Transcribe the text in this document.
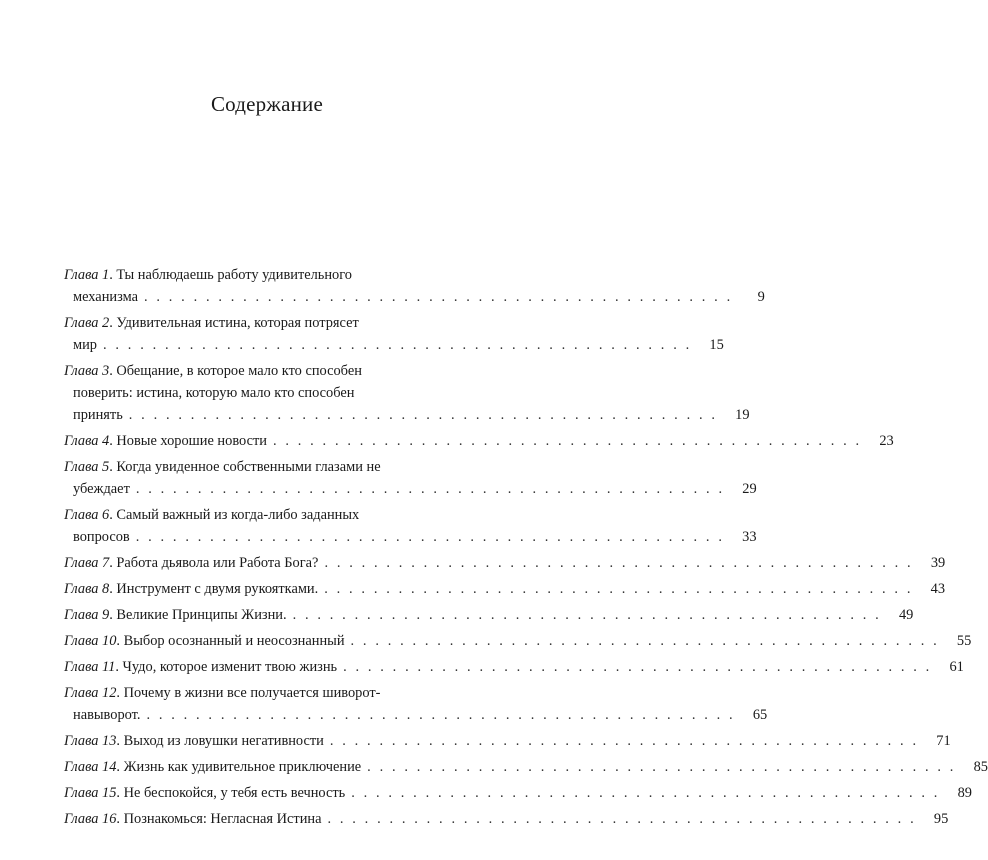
Содержание
Глава 1. Ты наблюдаешь работу удивительного
механизма . . . . . . . . . . . . . . . . . . . . . . . . . . . . . . . . . . . . . . . . . . . . . . . .	9
Глава 2. Удивительная истина, которая потрясет
мир . . . . . . . . . . . . . . . . . . . . . . . . . . . . . . . . . . . . . . . . . . . . . . . .	15
Глава 3. Обещание, в которое мало кто способен
поверить: истина, которую мало кто способен
принять . . . . . . . . . . . . . . . . . . . . . . . . . . . . . . . . . . . . . . . . . . . . . . . .	19
Глава 4. Новые хорошие новости . . . . . . . . . . . . . . . . . . . . . . . . . . . . . . . . . . . . . . . . . . . . . . . .	23
Глава 5. Когда увиденное собственными глазами не
убеждает . . . . . . . . . . . . . . . . . . . . . . . . . . . . . . . . . . . . . . . . . . . . . . . .	29
Глава 6. Самый важный из когда-либо заданных
вопросов . . . . . . . . . . . . . . . . . . . . . . . . . . . . . . . . . . . . . . . . . . . . . . . .	33
Глава 7. Работа дьявола или Работа Бога? . . . . . . . . . . . . . . . . . . . . . . . . . . . . . . . . . . . . . . . . . . . . . . . .	39
Глава 8. Инструмент с двумя рукоятками. . . . . . . . . . . . . . . . . . . . . . . . . . . . . . . . . . . . . . . . . . . . . . . . .	43
Глава 9. Великие Принципы Жизни. . . . . . . . . . . . . . . . . . . . . . . . . . . . . . . . . . . . . . . . . . . . . . . . .	49
Глава 10. Выбор осознанный и неосознанный . . . . . . . . . . . . . . . . . . . . . . . . . . . . . . . . . . . . . . . . . . . . . . . .	55
Глава 11. Чудо, которое изменит твою жизнь . . . . . . . . . . . . . . . . . . . . . . . . . . . . . . . . . . . . . . . . . . . . . . . .	61
Глава 12. Почему в жизни все получается шиворот-
навыворот. . . . . . . . . . . . . . . . . . . . . . . . . . . . . . . . . . . . . . . . . . . . . . . . .	65
Глава 13. Выход из ловушки негативности . . . . . . . . . . . . . . . . . . . . . . . . . . . . . . . . . . . . . . . . . . . . . . . .	71
Глава 14. Жизнь как удивительное приключение . . . . . . . . . . . . . . . . . . . . . . . . . . . . . . . . . . . . . . . . . . . . . . . .	85
Глава 15. Не беспокойся, у тебя есть вечность . . . . . . . . . . . . . . . . . . . . . . . . . . . . . . . . . . . . . . . . . . . . . . . .	89
Глава 16. Познакомься: Негласная Истина . . . . . . . . . . . . . . . . . . . . . . . . . . . . . . . . . . . . . . . . . . . . . . . .	95
